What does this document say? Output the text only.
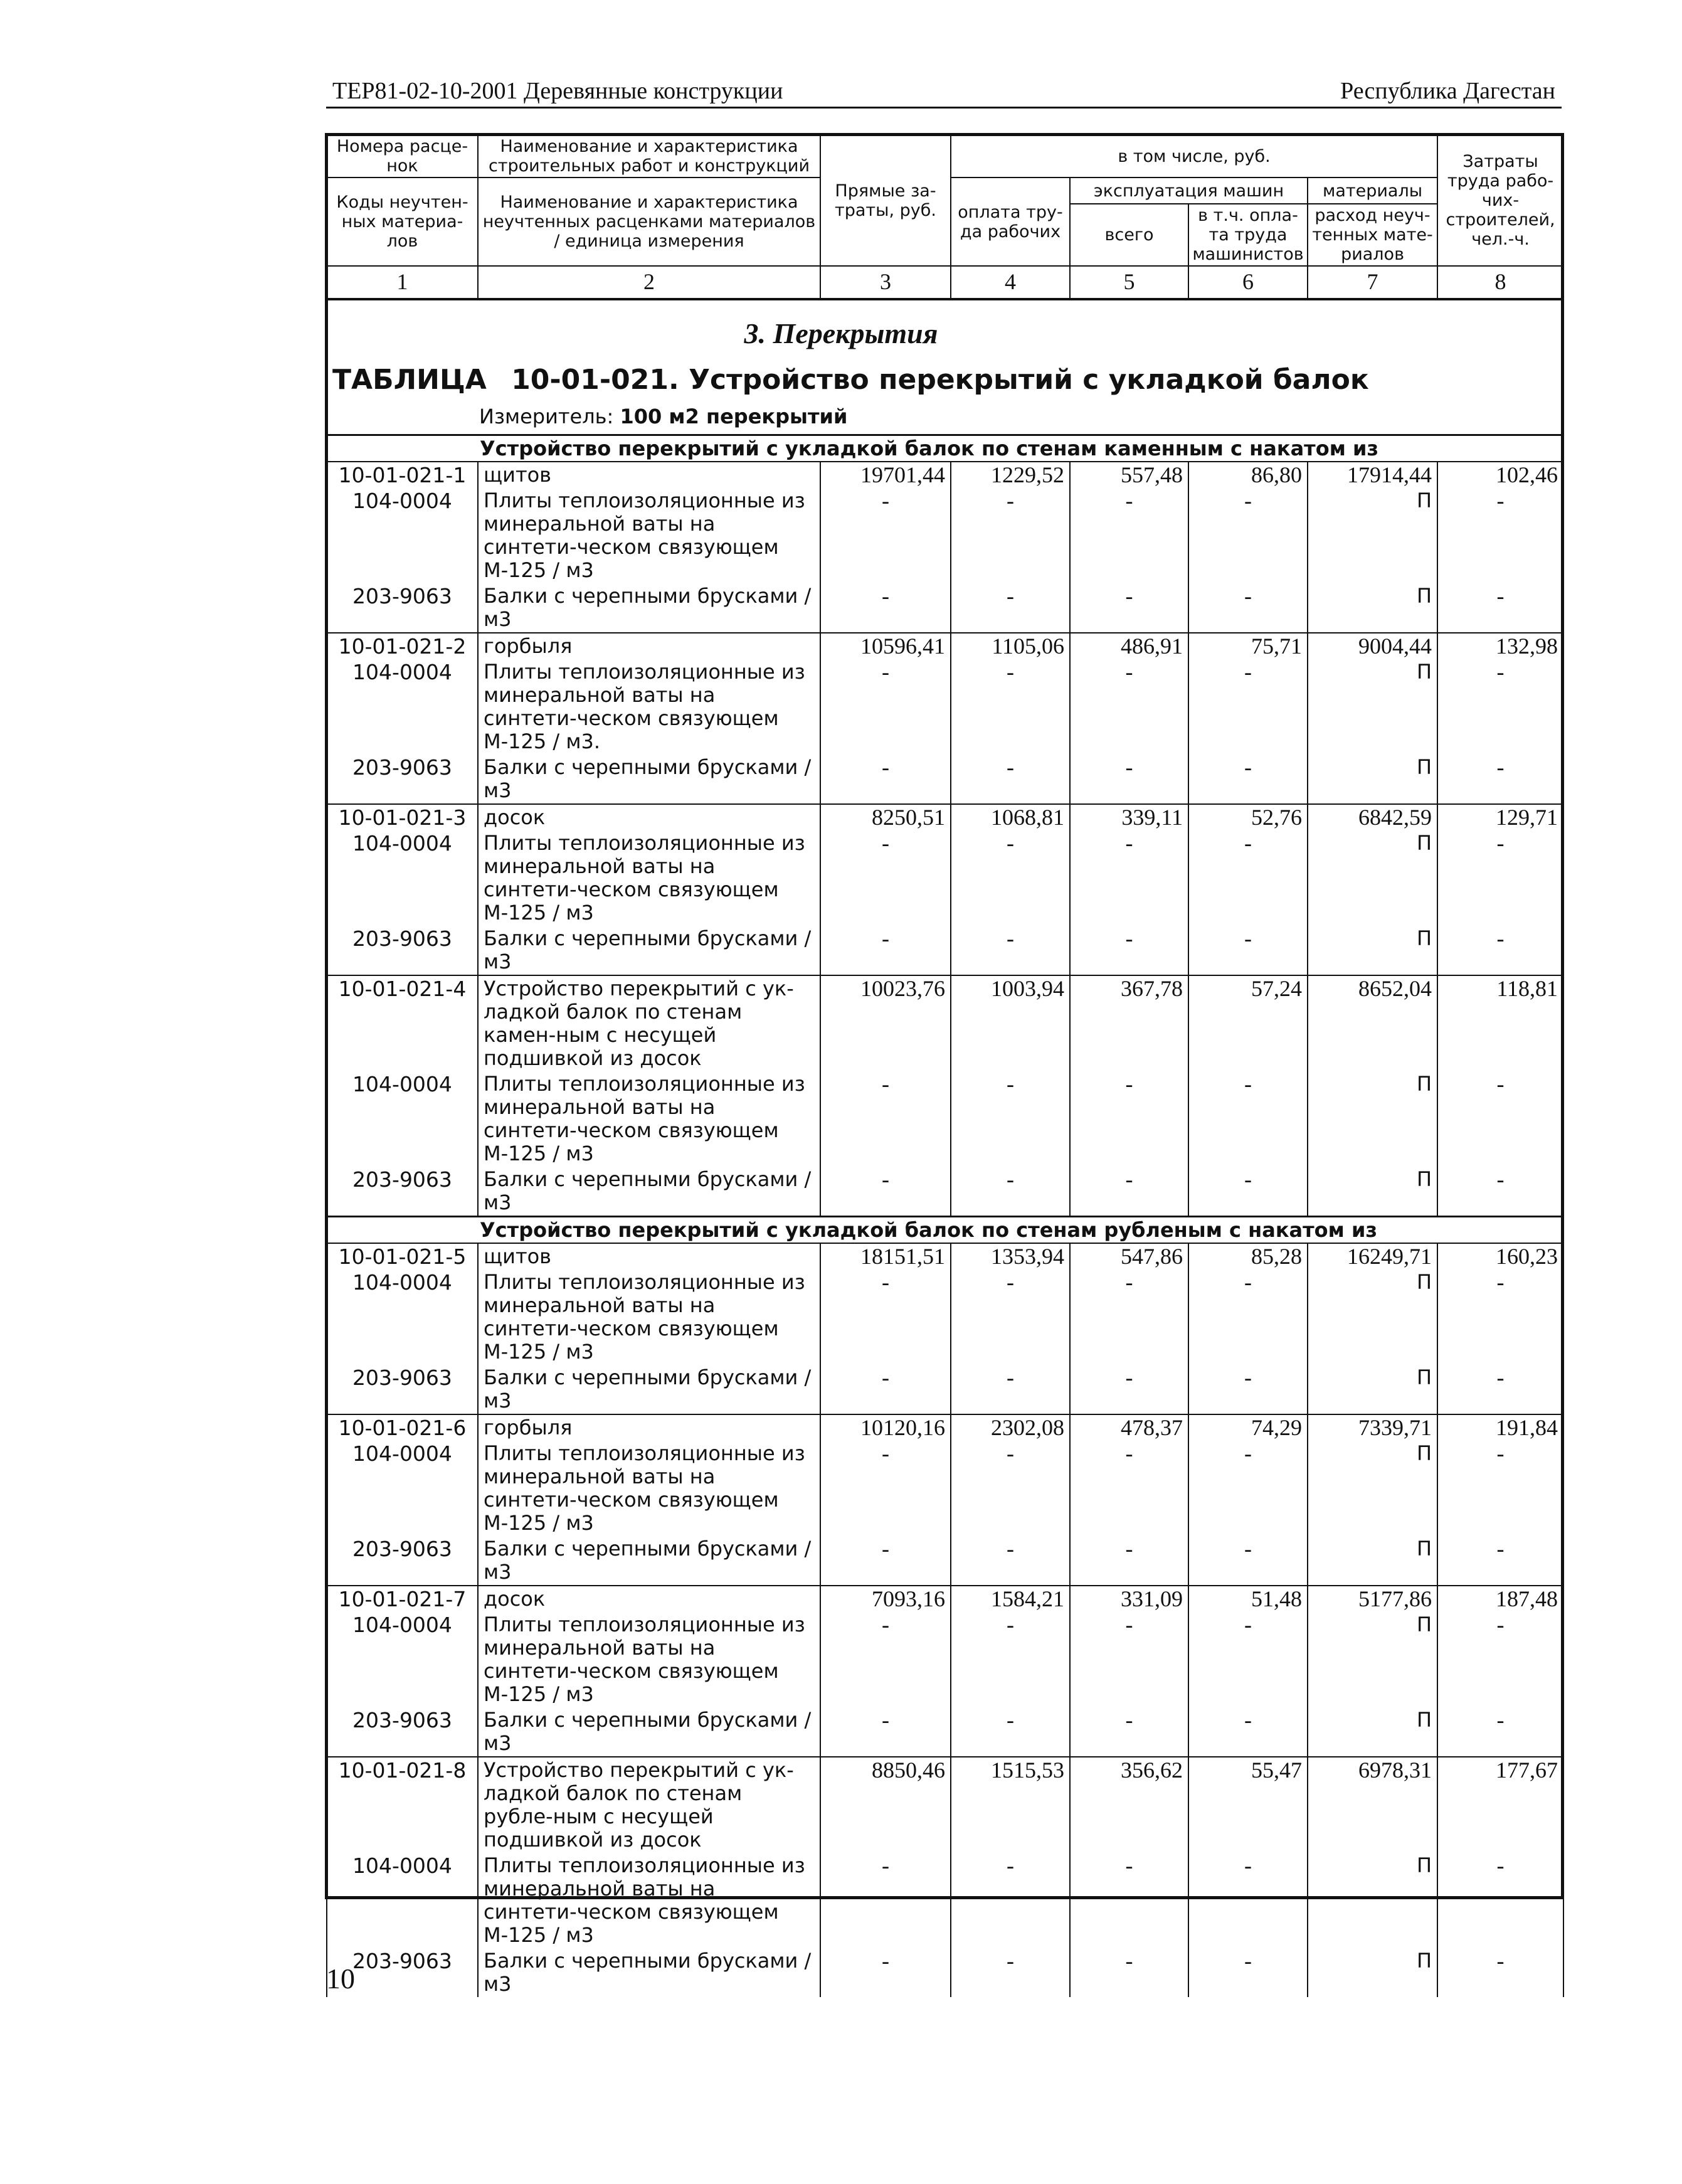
ТЕР81-02-10-2001 Деревянные конструкции	Республика Дагестан
Номера расце-нок	Наименование и характеристика строительных работ и конструкций	Прямые за-траты, руб.	в том числе, руб.				Затраты труда рабо-чих-строителей, чел.-ч.
Коды неучтен-ных материа-лов	Наименование и характеристика неучтенных расценками материалов / единица измерения		оплата тру-да рабочих	эксплуатация машин		материалы	

				всего	в т.ч. опла-та труда машинистов	расход неуч-тенных мате-риалов	
1	2	3	4	5	6	7	8
3. Перекрытия
ТАБЛИЦА 10-01-021. Устройство перекрытий с укладкой балок
Измеритель: 100 м2 перекрытий
Устройство перекрытий с укладкой балок по стенам каменным с накатом из							
10-01-021-1	щитов	19701,44	1229,52	557,48	86,80	17914,44	102,46
104-0004	Плиты теплоизоляционные из минеральной ваты на синтети-ческом связующем М-125 / м3	-	-	-	-	П	-
203-9063	Балки с черепными брусками / м3	-	-	-	-	П	-
10-01-021-2	горбыля	10596,41	1105,06	486,91	75,71	9004,44	132,98
104-0004	Плиты теплоизоляционные из минеральной ваты на синтети-ческом связующем М-125 / м3.	-	-	-	-	П	-
203-9063	Балки с черепными брусками / м3	-	-	-	-	П	-
10-01-021-3	досок	8250,51	1068,81	339,11	52,76	6842,59	129,71
104-0004	Плиты теплоизоляционные из минеральной ваты на синтети-ческом связующем М-125 / м3	-	-	-	-	П	-
203-9063	Балки с черепными брусками / м3	-	-	-	-	П	-
10-01-021-4	Устройство перекрытий с ук-ладкой балок по стенам камен-ным с несущей подшивкой из досок	10023,76	1003,94	367,78	57,24	8652,04	118,81
104-0004	Плиты теплоизоляционные из минеральной ваты на синтети-ческом связующем М-125 / м3	-	-	-	-	П	-
203-9063	Балки с черепными брусками / м3	-	-	-	-	П	-
Устройство перекрытий с укладкой балок по стенам рубленым с накатом из							
10-01-021-5	щитов	18151,51	1353,94	547,86	85,28	16249,71	160,23
104-0004	Плиты теплоизоляционные из минеральной ваты на синтети-ческом связующем М-125 / м3	-	-	-	-	П	-
203-9063	Балки с черепными брусками / м3	-	-	-	-	П	-
10-01-021-6	горбыля	10120,16	2302,08	478,37	74,29	7339,71	191,84
104-0004	Плиты теплоизоляционные из минеральной ваты на синтети-ческом связующем М-125 / м3	-	-	-	-	П	-
203-9063	Балки с черепными брусками / м3	-	-	-	-	П	-
10-01-021-7	досок	7093,16	1584,21	331,09	51,48	5177,86	187,48
104-0004	Плиты теплоизоляционные из минеральной ваты на синтети-ческом связующем М-125 / м3	-	-	-	-	П	-
203-9063	Балки с черепными брусками / м3	-	-	-	-	П	-
10-01-021-8	Устройство перекрытий с ук-ладкой балок по стенам рубле-ным с несущей подшивкой из досок	8850,46	1515,53	356,62	55,47	6978,31	177,67
104-0004	Плиты теплоизоляционные из минеральной ваты на синтети-ческом связующем М-125 / м3	-	-	-	-	П	-
203-9063	Балки с черепными брусками / м3	-	-	-	-	П	-
10
